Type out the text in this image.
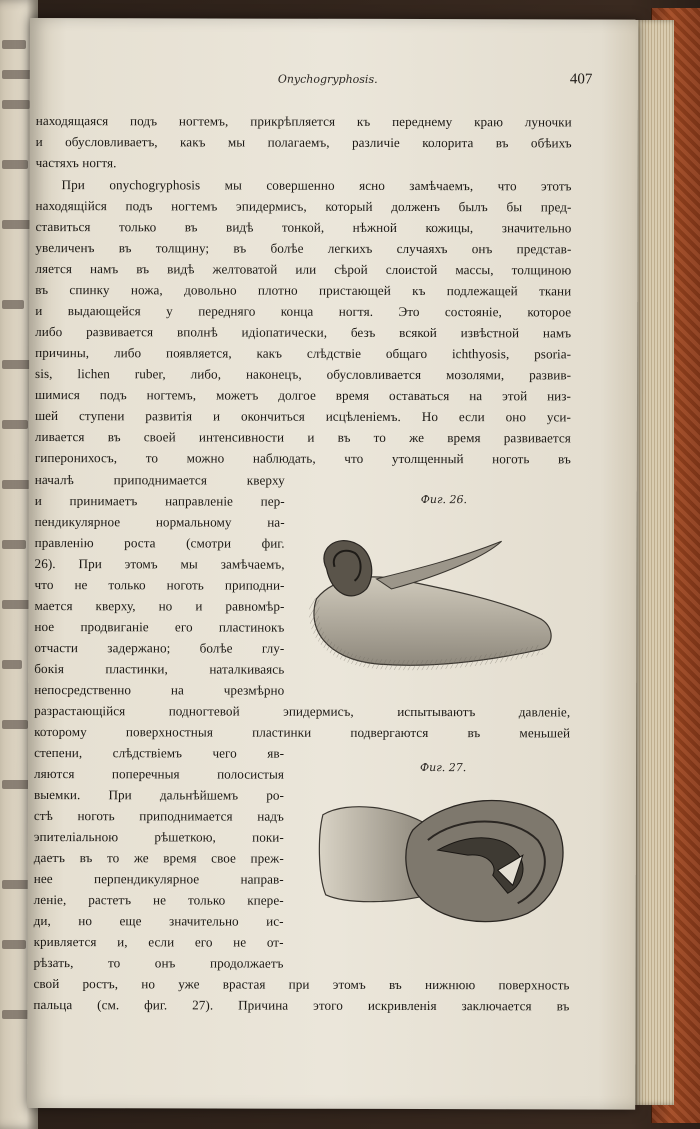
Onychogryphosis.	407
находящаяся подъ ногтемъ, прикрѣпляется къ переднему краю луночки
и обусловливаетъ, какъ мы полагаемъ, различіе колорита въ обѣихъ
частяхъ ногтя.
При onychogryphosis мы совершенно ясно замѣчаемъ, что этотъ
находящійся подъ ногтемъ эпидермисъ, который долженъ былъ бы пред-
ставиться только въ видѣ тонкой, нѣжной кожицы, значительно
увеличенъ въ толщину; въ болѣе легкихъ случаяхъ онъ представ-
ляется намъ въ видѣ желтоватой или сѣрой слоистой массы, толщиною
въ спинку ножа, довольно плотно пристающей къ подлежащей ткани
и выдающейся у передняго конца ногтя. Это состояніе, которое
либо развивается вполнѣ идіопатически, безъ всякой извѣстной намъ
причины, либо появляется, какъ слѣдствіе общаго ichthyosis, psoria-
sis, lichen ruber, либо, наконецъ, обусловливается мозолями, развив-
шимися подъ ногтемъ, можетъ долгое время оставаться на этой низ-
шей ступени развитія и окончиться исцѣленіемъ. Но если оно уси-
ливается въ своей интенсивности и въ то же время развивается
гиперонихосъ, то можно наблюдать, что утолщенный ноготь въ
началѣ приподнимается кверху
и принимаетъ направленіе пер-
пендикулярное нормальному на-
правленію роста (смотри фиг.
26). При этомъ мы замѣчаемъ,
что не только ноготь приподни-
мается кверху, но и равномѣр-
ное продвиганіе его пластинокъ
отчасти задержано; болѣе глу-
бокія пластинки, наталкиваясь
непосредственно на чрезмѣрно
разрастающійся подногтевой эпидермисъ, испытываютъ давленіе,
которому поверхностныя пластинки подвергаются въ меньшей
степени, слѣдствіемъ чего яв-
ляются поперечныя полосистыя
выемки. При дальнѣйшемъ ро-
стѣ ноготь приподнимается надъ
эпителіальною рѣшеткою, поки-
даетъ въ то же время свое преж-
нее перпендикулярное направ-
леніе, растетъ не только кпере-
ди, но еще значительно ис-
кривляется и, если его не от-
рѣзать, то онъ продолжаетъ
свой ростъ, но уже врастая при этомъ въ нижнюю поверхность
пальца (см. фиг. 27). Причина этого искривленія заключается въ
Фиг. 26.
Фиг. 27.
